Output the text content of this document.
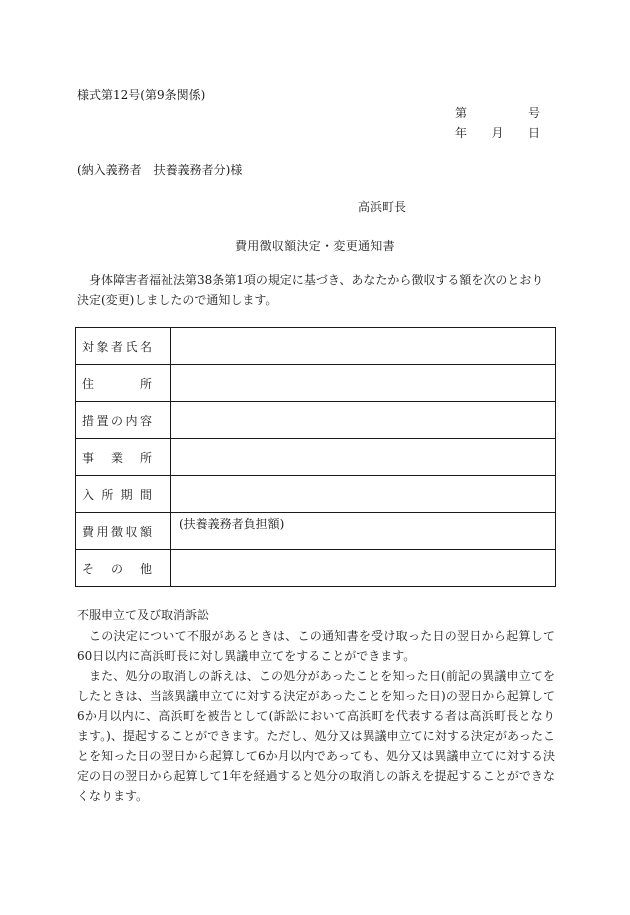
様式第12号(第9条関係)
第	号
年 月 日
(納入義務者　扶養義務者分)様
高浜町長
費用徴収額決定・変更通知書
身体障害者福祉法第38条第1項の規定に基づき、あなたから徴収する額を次のとおり決定(変更)しましたので通知します。
対 象 者 氏 名	

住 所	

措 置 の 内 容	

事 業 所	

入 所 期 間	

費 用 徴 収 額	(扶養義務者負担額)

そ の 他	

不服申立て及び取消訴訟

この決定について不服があるときは、この通知書を受け取った日の翌日から起算して60日以内に高浜町長に対し異議申立てをすることができます。

また、処分の取消しの訴えは、この処分があったことを知った日(前記の異議申立てをしたときは、当該異議申立てに対する決定があったことを知った日)の翌日から起算して6か月以内に、高浜町を被告として(訴訟において高浜町を代表する者は高浜町長となります。)、提起することができます。ただし、処分又は異議申立てに対する決定があったことを知った日の翌日から起算して6か月以内であっても、処分又は異議申立てに対する決定の日の翌日から起算して1年を経過すると処分の取消しの訴えを提起することができなくなります。
